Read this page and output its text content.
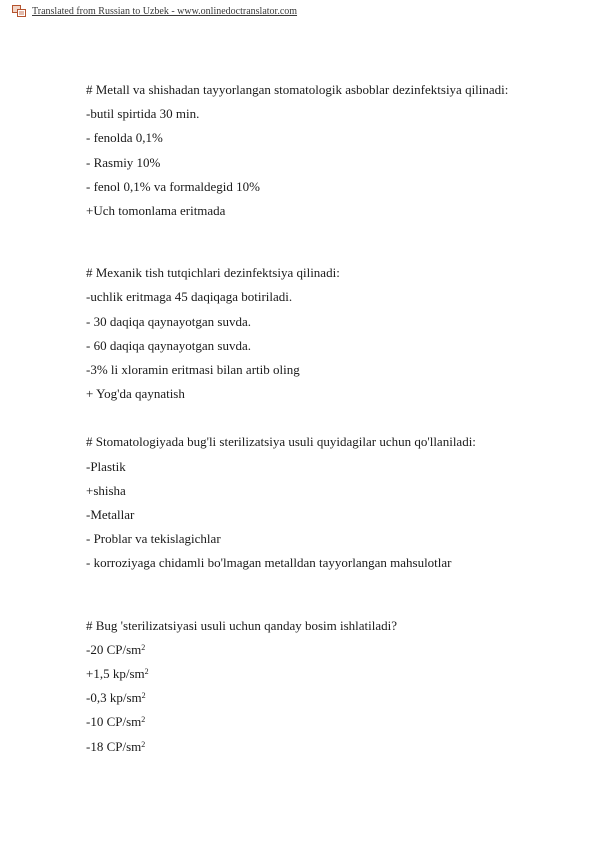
Translated from Russian to Uzbek - www.onlinedoctranslator.com
# Metall va shishadan tayyorlangan stomatologik asboblar dezinfektsiya qilinadi:
-butil spirtida 30 min.
- fenolda 0,1%
- Rasmiy 10%
- fenol 0,1% va formaldegid 10%
+Uch tomonlama eritmada
# Mexanik tish tutqichlari dezinfektsiya qilinadi:
-uchlik eritmaga 45 daqiqaga botiriladi.
- 30 daqiqa qaynayotgan suvda.
- 60 daqiqa qaynayotgan suvda.
-3% li xloramin eritmasi bilan artib oling
+ Yog'da qaynatish
# Stomatologiyada bug'li sterilizatsiya usuli quyidagilar uchun qo'llaniladi:
-Plastik
+shisha
-Metallar
- Problar va tekislagichlar
- korroziyaga chidamli bo'lmagan metalldan tayyorlangan mahsulotlar
# Bug 'sterilizatsiyasi usuli uchun qanday bosim ishlatiladi?
-20 $CP/sm^2$
+1,5 $kp/sm^2$
-0,3 $kp/sm^2$
-10 $CP/sm^2$
-18 $CP/sm^2$
